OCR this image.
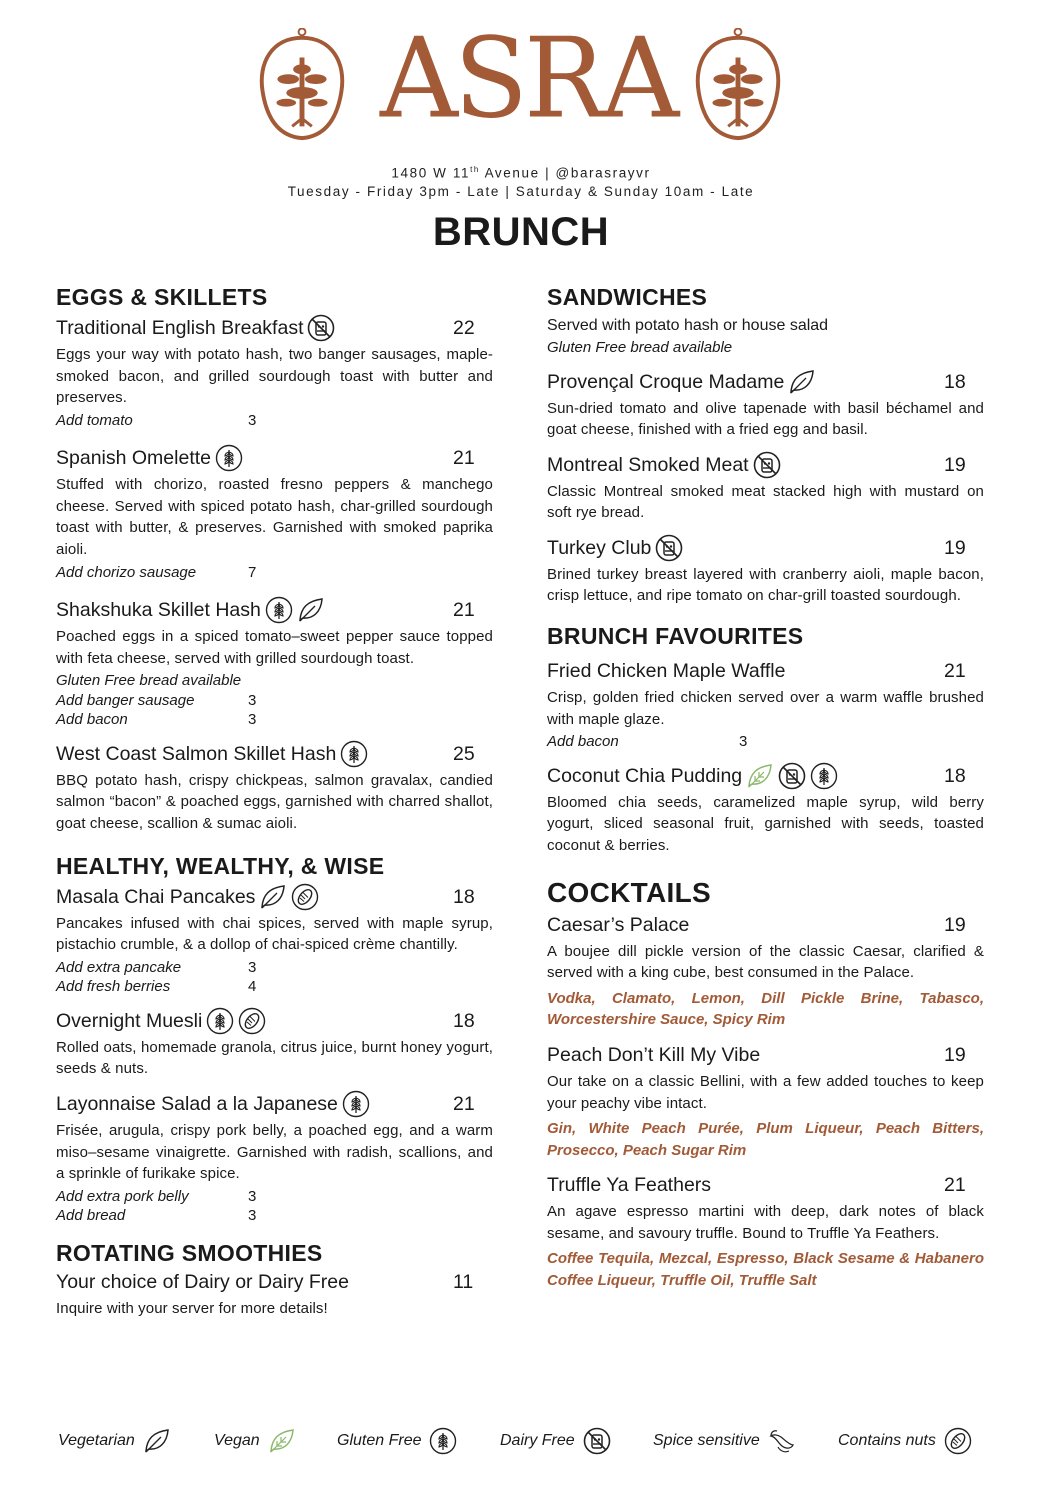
ASRA
1480 W 11th Avenue | @barasrayvr
Tuesday - Friday 3pm - Late | Saturday & Sunday 10am - Late
BRUNCH
EGGS & SKILLETS
Traditional English Breakfast	22
Eggs your way with potato hash, two banger sausages, maple-smoked bacon, and grilled sourdough toast with butter and preserves.
Add tomato	3
Spanish Omelette	21
Stuffed with chorizo, roasted fresno peppers & manchego cheese. Served with spiced potato hash, char-grilled sourdough toast with butter, & preserves. Garnished with smoked paprika aioli.
Add chorizo sausage	7
Shakshuka Skillet Hash	21
Poached eggs in a spiced tomato–sweet pepper sauce topped with feta cheese, served with grilled sourdough toast.
Gluten Free bread available
Add banger sausage	3
Add bacon	3
West Coast Salmon Skillet Hash	25
BBQ potato hash, crispy chickpeas, salmon gravalax, candied salmon “bacon” & poached eggs, garnished with charred shallot, goat cheese, scallion & sumac aioli.
HEALTHY, WEALTHY, & WISE
Masala Chai Pancakes	18
Pancakes infused with chai spices, served with maple syrup, pistachio crumble, & a dollop of chai-spiced crème chantilly.
Add extra pancake	3
Add fresh berries	4
Overnight Muesli	18
Rolled oats, homemade granola, citrus juice, burnt honey yogurt, seeds & nuts.
Layonnaise Salad a la Japanese	21
Frisée, arugula, crispy pork belly, a poached egg, and a warm miso–sesame vinaigrette. Garnished with radish, scallions, and a sprinkle of furikake spice.
Add extra pork belly	3
Add bread	3
ROTATING SMOOTHIES
Your choice of Dairy or Dairy Free	11
Inquire with your server for more details!
SANDWICHES
Served with potato hash or house salad
Gluten Free bread available
Provençal Croque Madame	18
Sun-dried tomato and olive tapenade with basil béchamel and goat cheese, finished with a fried egg and basil.
Montreal Smoked Meat	19
Classic Montreal smoked meat stacked high with mustard on soft rye bread.
Turkey Club	19
Brined turkey breast layered with cranberry aioli, maple bacon, crisp lettuce, and ripe tomato on char-grill toasted sourdough.
BRUNCH FAVOURITES
Fried Chicken Maple Waffle	21
Crisp, golden fried chicken served over a warm waffle brushed with maple glaze.
Add bacon	3
Coconut Chia Pudding	18
Bloomed chia seeds, caramelized maple syrup, wild berry yogurt, sliced seasonal fruit, garnished with seeds, toasted coconut & berries.
COCKTAILS
Caesar’s Palace	19
A boujee dill pickle version of the classic Caesar, clarified & served with a king cube, best consumed in the Palace.
Vodka, Clamato, Lemon, Dill Pickle Brine, Tabasco, Worcestershire Sauce, Spicy Rim
Peach Don’t Kill My Vibe	19
Our take on a classic Bellini, with a few added touches to keep your peachy vibe intact.
Gin, White Peach Purée, Plum Liqueur, Peach Bitters, Prosecco, Peach Sugar Rim
Truffle Ya Feathers	21
An agave espresso martini with deep, dark notes of black sesame, and savoury truffle. Bound to Truffle Ya Feathers.
Coffee Tequila, Mezcal, Espresso, Black Sesame & Habanero Coffee Liqueur, Truffle Oil, Truffle Salt
Vegetarian	Vegan	Gluten Free	Dairy Free	Spice sensitive	Contains nuts
